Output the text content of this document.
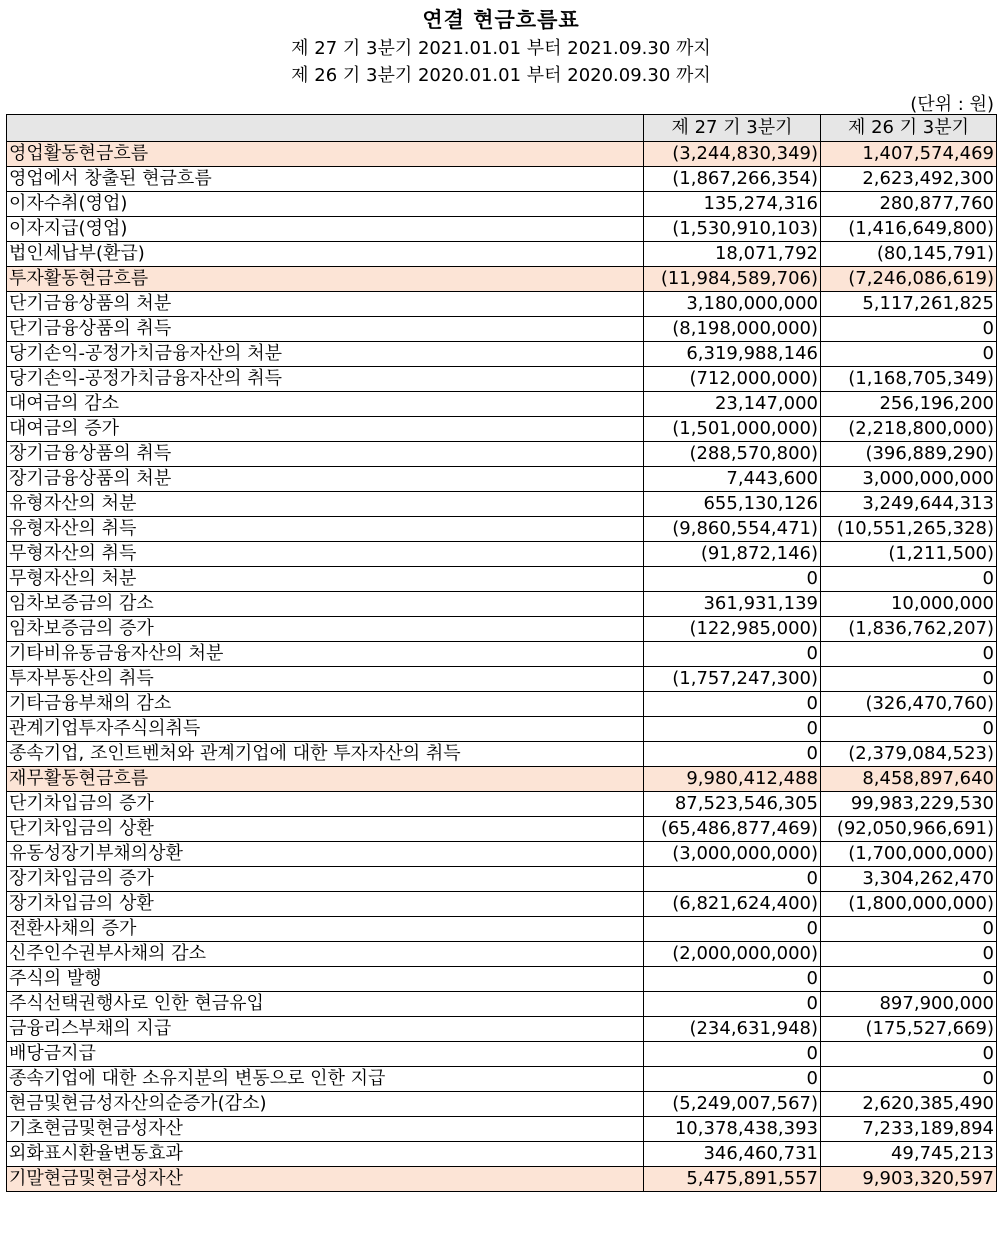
연결 현금흐름표
제 27 기 3분기 2021.01.01 부터 2021.09.30 까지
제 26 기 3분기 2020.01.01 부터 2020.09.30 까지
(단위 : 원)
	제 27 기 3분기	제 26 기 3분기
영업활동현금흐름	(3,244,830,349)	1,407,574,469
영업에서 창출된 현금흐름	(1,867,266,354)	2,623,492,300
이자수취(영업)	135,274,316	280,877,760
이자지급(영업)	(1,530,910,103)	(1,416,649,800)
법인세납부(환급)	18,071,792	(80,145,791)
투자활동현금흐름	(11,984,589,706)	(7,246,086,619)
단기금융상품의 처분	3,180,000,000	5,117,261,825
단기금융상품의 취득	(8,198,000,000)	0
당기손익-공정가치금융자산의 처분	6,319,988,146	0
당기손익-공정가치금융자산의 취득	(712,000,000)	(1,168,705,349)
대여금의 감소	23,147,000	256,196,200
대여금의 증가	(1,501,000,000)	(2,218,800,000)
장기금융상품의 취득	(288,570,800)	(396,889,290)
장기금융상품의 처분	7,443,600	3,000,000,000
유형자산의 처분	655,130,126	3,249,644,313
유형자산의 취득	(9,860,554,471)	(10,551,265,328)
무형자산의 취득	(91,872,146)	(1,211,500)
무형자산의 처분	0	0
임차보증금의 감소	361,931,139	10,000,000
임차보증금의 증가	(122,985,000)	(1,836,762,207)
기타비유동금융자산의 처분	0	0
투자부동산의 취득	(1,757,247,300)	0
기타금융부채의 감소	0	(326,470,760)
관계기업투자주식의취득	0	0
종속기업, 조인트벤처와 관계기업에 대한 투자자산의 취득	0	(2,379,084,523)
재무활동현금흐름	9,980,412,488	8,458,897,640
단기차입금의 증가	87,523,546,305	99,983,229,530
단기차입금의 상환	(65,486,877,469)	(92,050,966,691)
유동성장기부채의상환	(3,000,000,000)	(1,700,000,000)
장기차입금의 증가	0	3,304,262,470
장기차입금의 상환	(6,821,624,400)	(1,800,000,000)
전환사채의 증가	0	0
신주인수권부사채의 감소	(2,000,000,000)	0
주식의 발행	0	0
주식선택권행사로 인한 현금유입	0	897,900,000
금융리스부채의 지급	(234,631,948)	(175,527,669)
배당금지급	0	0
종속기업에 대한 소유지분의 변동으로 인한 지급	0	0
현금및현금성자산의순증가(감소)	(5,249,007,567)	2,620,385,490
기초현금및현금성자산	10,378,438,393	7,233,189,894
외화표시환율변동효과	346,460,731	49,745,213
기말현금및현금성자산	5,475,891,557	9,903,320,597
